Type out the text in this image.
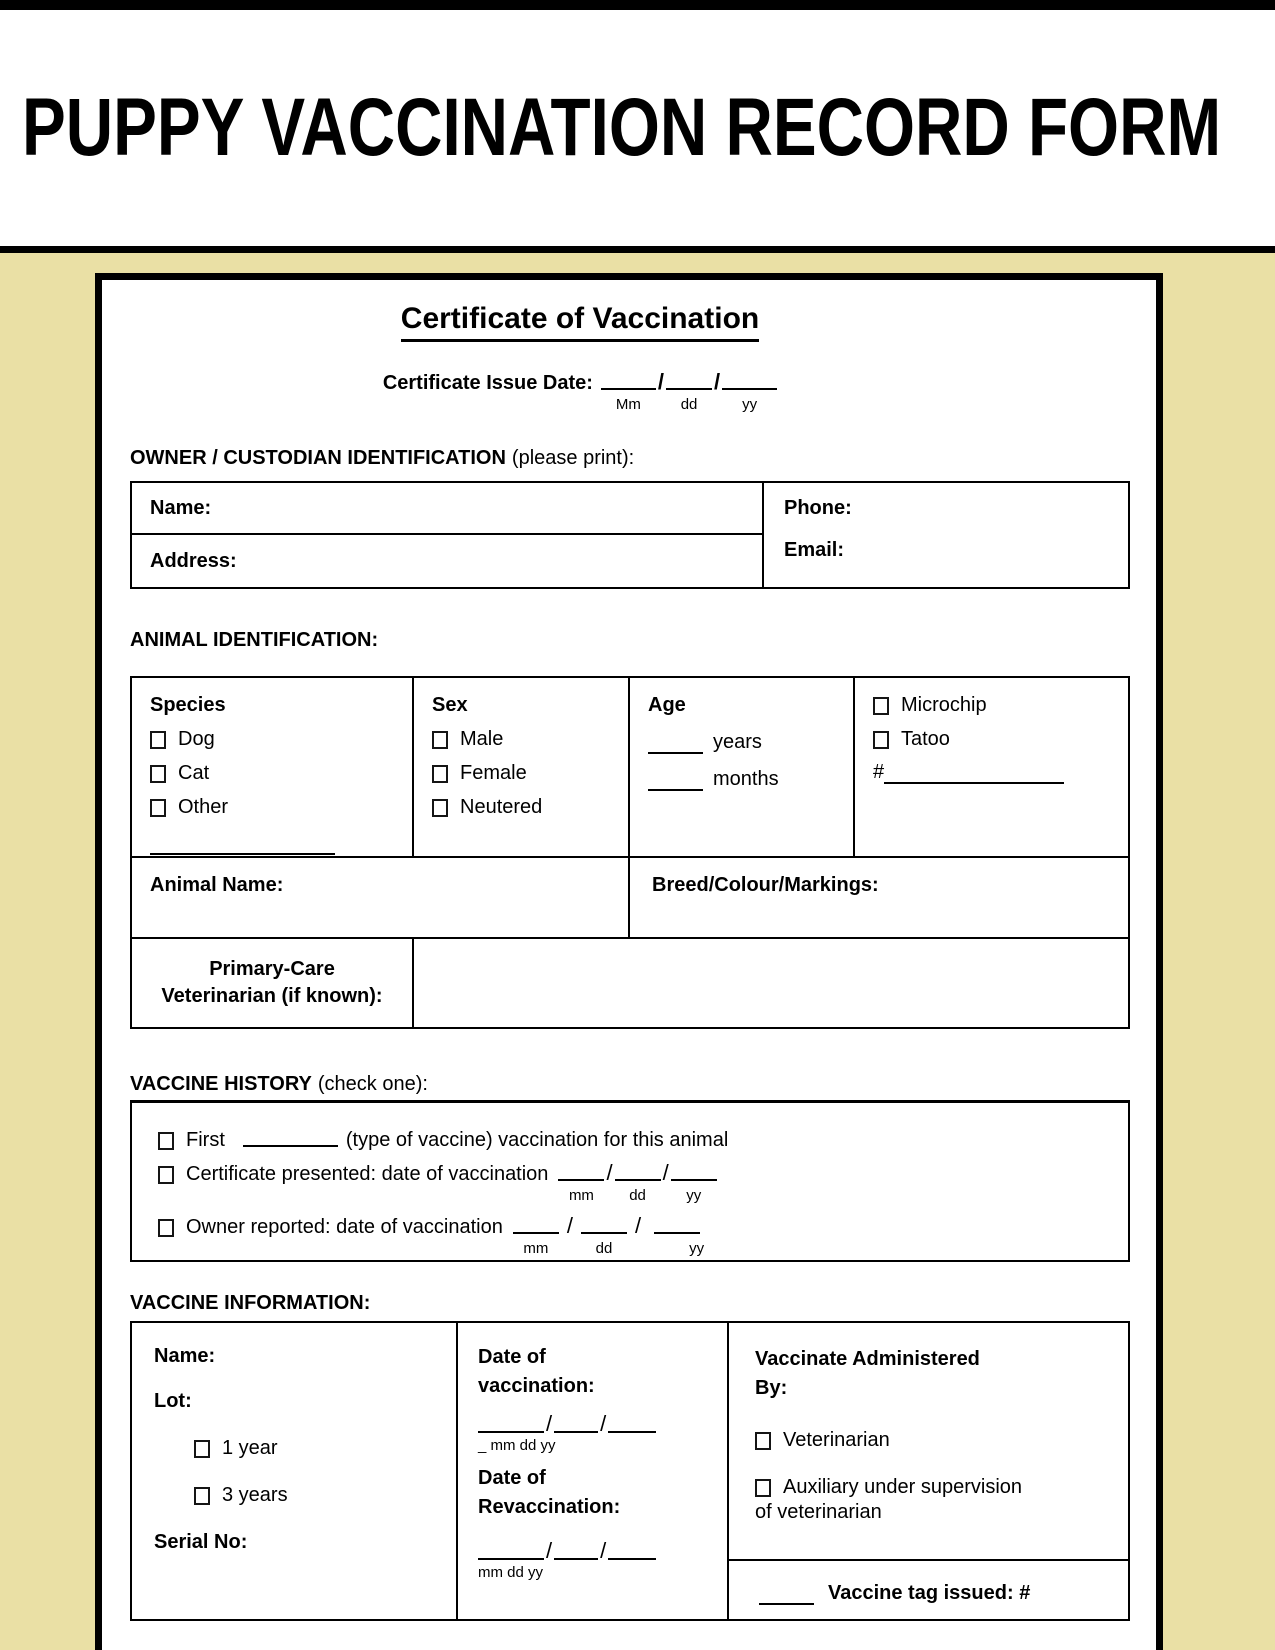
PUPPY VACCINATION RECORD FORM
Certificate of Vaccination
Certificate Issue Date:
Mm
/
dd
/
yy
OWNER / CUSTODIAN IDENTIFICATION (please print):
Name:
Address:
Phone:
Email:
ANIMAL IDENTIFICATION:
Species
Dog
Cat
Other
Sex
Male
Female
Neutered
Age
years
months
Microchip
Tatoo
#
Animal Name:	Breed/Colour/Markings:
Primary-Care
Veterinarian (if known):
VACCINE HISTORY (check one):
First	(type of vaccine) vaccination for this animal
Certificate presented: date of vaccination
mm
/
dd
/
yy
Owner reported: date of vaccination
mm
/
dd
/
yy
VACCINE INFORMATION:
Name:
Lot:
1 year
3 years
Serial No:
Date of
vaccination:
/ /
_ mm dd yy
Date of
Revaccination:
/ /
mm dd yy
Vaccinate Administered
By:
Veterinarian
Auxiliary under supervision
of veterinarian
Vaccine tag issued: #
